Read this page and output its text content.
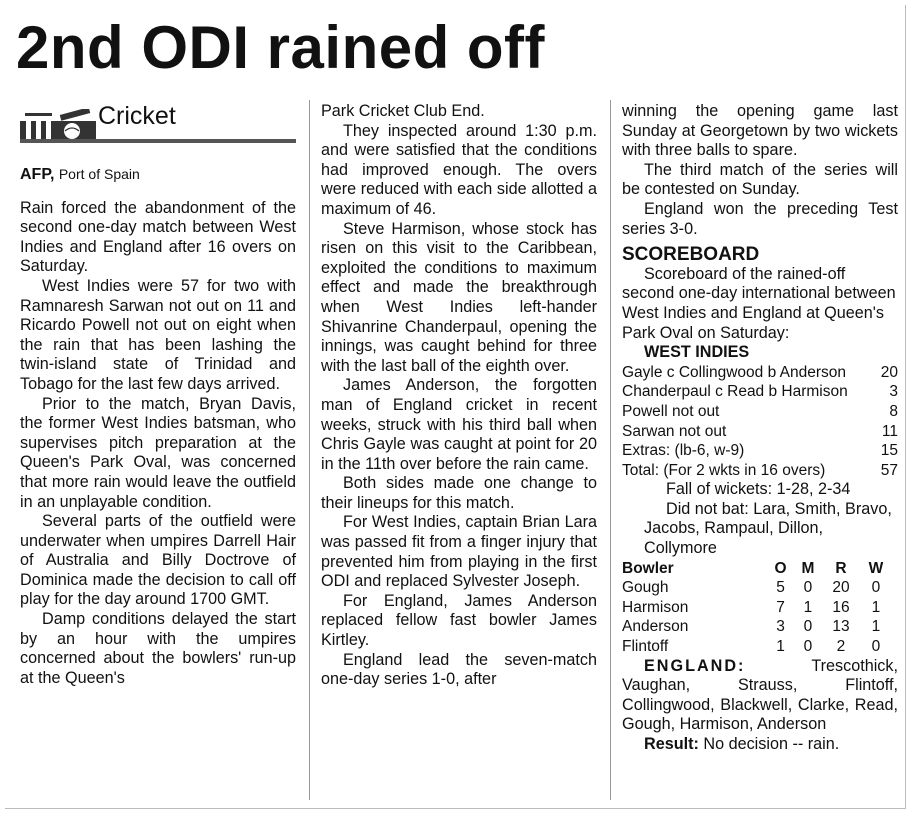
2nd ODI rained off
Cricket
AFP, Port of Spain

Rain forced the abandonment of the second one-day match between West Indies and England after 16 overs on Saturday.

West Indies were 57 for two with Ramnaresh Sarwan not out on 11 and Ricardo Powell not out on eight when the rain that has been lashing the twin-island state of Trinidad and Tobago for the last few days arrived.

Prior to the match, Bryan Davis, the former West Indies batsman, who supervises pitch preparation at the Queen's Park Oval, was concerned that more rain would leave the outfield in an unplayable condition.

Several parts of the outfield were underwater when umpires Darrell Hair of Australia and Billy Doctrove of Dominica made the decision to call off play for the day around 1700 GMT.

Damp conditions delayed the start by an hour with the umpires concerned about the bowlers' run-up at the Queen's

Park Cricket Club End.

They inspected around 1:30 p.m. and were satisfied that the conditions had improved enough. The overs were reduced with each side allotted a maximum of 46.

Steve Harmison, whose stock has risen on this visit to the Caribbean, exploited the conditions to maximum effect and made the breakthrough when West Indies left-hander Shivanrine Chanderpaul, opening the innings, was caught behind for three with the last ball of the eighth over.

James Anderson, the forgotten man of England cricket in recent weeks, struck with his third ball when Chris Gayle was caught at point for 20 in the 11th over before the rain came.

Both sides made one change to their lineups for this match.

For West Indies, captain Brian Lara was passed fit from a finger injury that prevented him from playing in the first ODI and replaced Sylvester Joseph.

For England, James Anderson replaced fellow fast bowler James Kirtley.

England lead the seven-match one-day series 1-0, after

winning the opening game last Sunday at Georgetown by two wickets with three balls to spare.

The third match of the series will be contested on Sunday.

England won the preceding Test series 3-0.

SCOREBOARD

Scoreboard of the rained-off second one-day international between West Indies and England at Queen's Park Oval on Saturday:

WEST INDIES

Gayle c Collingwood b Anderson	20
Chanderpaul c Read b Harmison	3
Powell not out	8
Sarwan not out	11
Extras: (lb-6, w-9)	15
Total: (For 2 wkts in 16 overs)	57

Fall of wickets: 1-28, 2-34

Did not bat: Lara, Smith, Bravo, Jacobs, Rampaul, Dillon, Collymore

Bowler	O	M	R	W
Gough	5	0	20	0
Harmison	7	1	16	1
Anderson	3	0	13	1
Flintoff	1	0	2	0

ENGLAND:	Trescothick, Vaughan, Strauss, Flintoff, Collingwood, Blackwell, Clarke, Read, Gough, Harmison, Anderson

Result: No decision -- rain.
